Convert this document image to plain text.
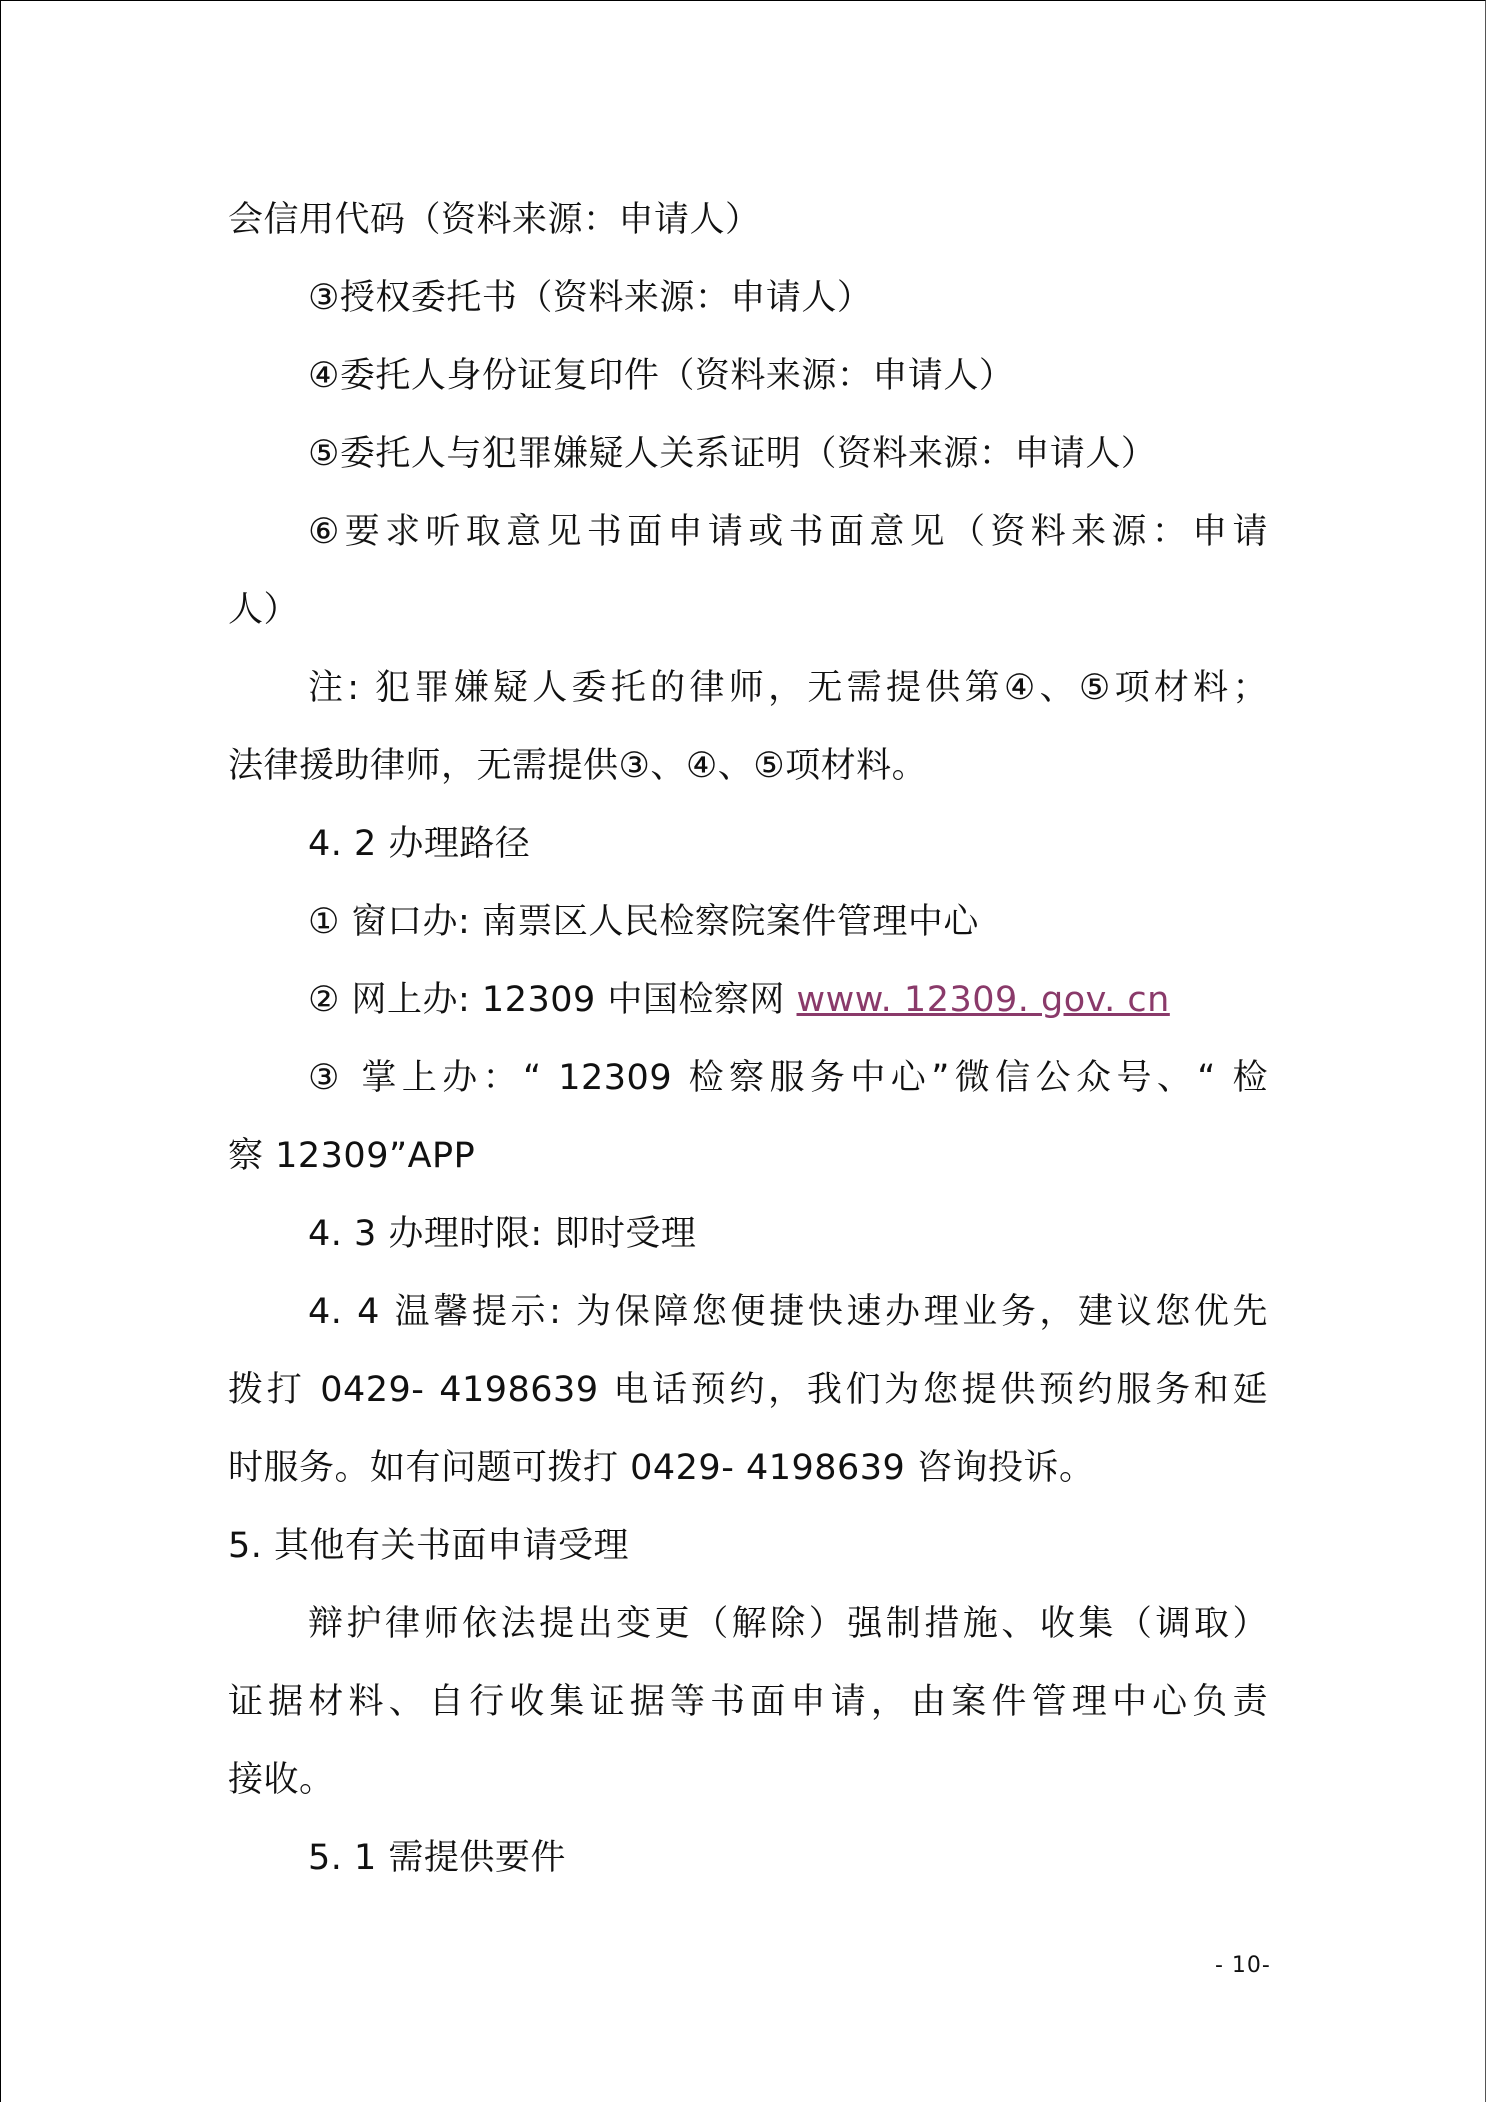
会信用代码（资料来源：申请人）
③授权委托书（资料来源：申请人）
④委托人身份证复印件（资料来源：申请人）
⑤委托人与犯罪嫌疑人关系证明（资料来源：申请人）
⑥要求听取意见书面申请或书面意见（资料来源：申请
人）
注: 犯罪嫌疑人委托的律师，无需提供第④、⑤项材料；
法律援助律师，无需提供③、④、⑤项材料。
4. 2 办理路径
① 窗口办: 南票区人民检察院案件管理中心
② 网上办: 12309 中国检察网 www. 12309. gov. cn
③ 掌上办：“ 12309 检察服务中心”微信公众号、“ 检
察 12309”APP
4. 3 办理时限: 即时受理
4. 4 温馨提示: 为保障您便捷快速办理业务，建议您优先
拨打 0429- 4198639 电话预约，我们为您提供预约服务和延
时服务。如有问题可拨打 0429- 4198639 咨询投诉。
5. 其他有关书面申请受理
辩护律师依法提出变更（解除）强制措施、收集（调取）
证据材料、自行收集证据等书面申请，由案件管理中心负责
接收。
5. 1 需提供要件
- 10-
